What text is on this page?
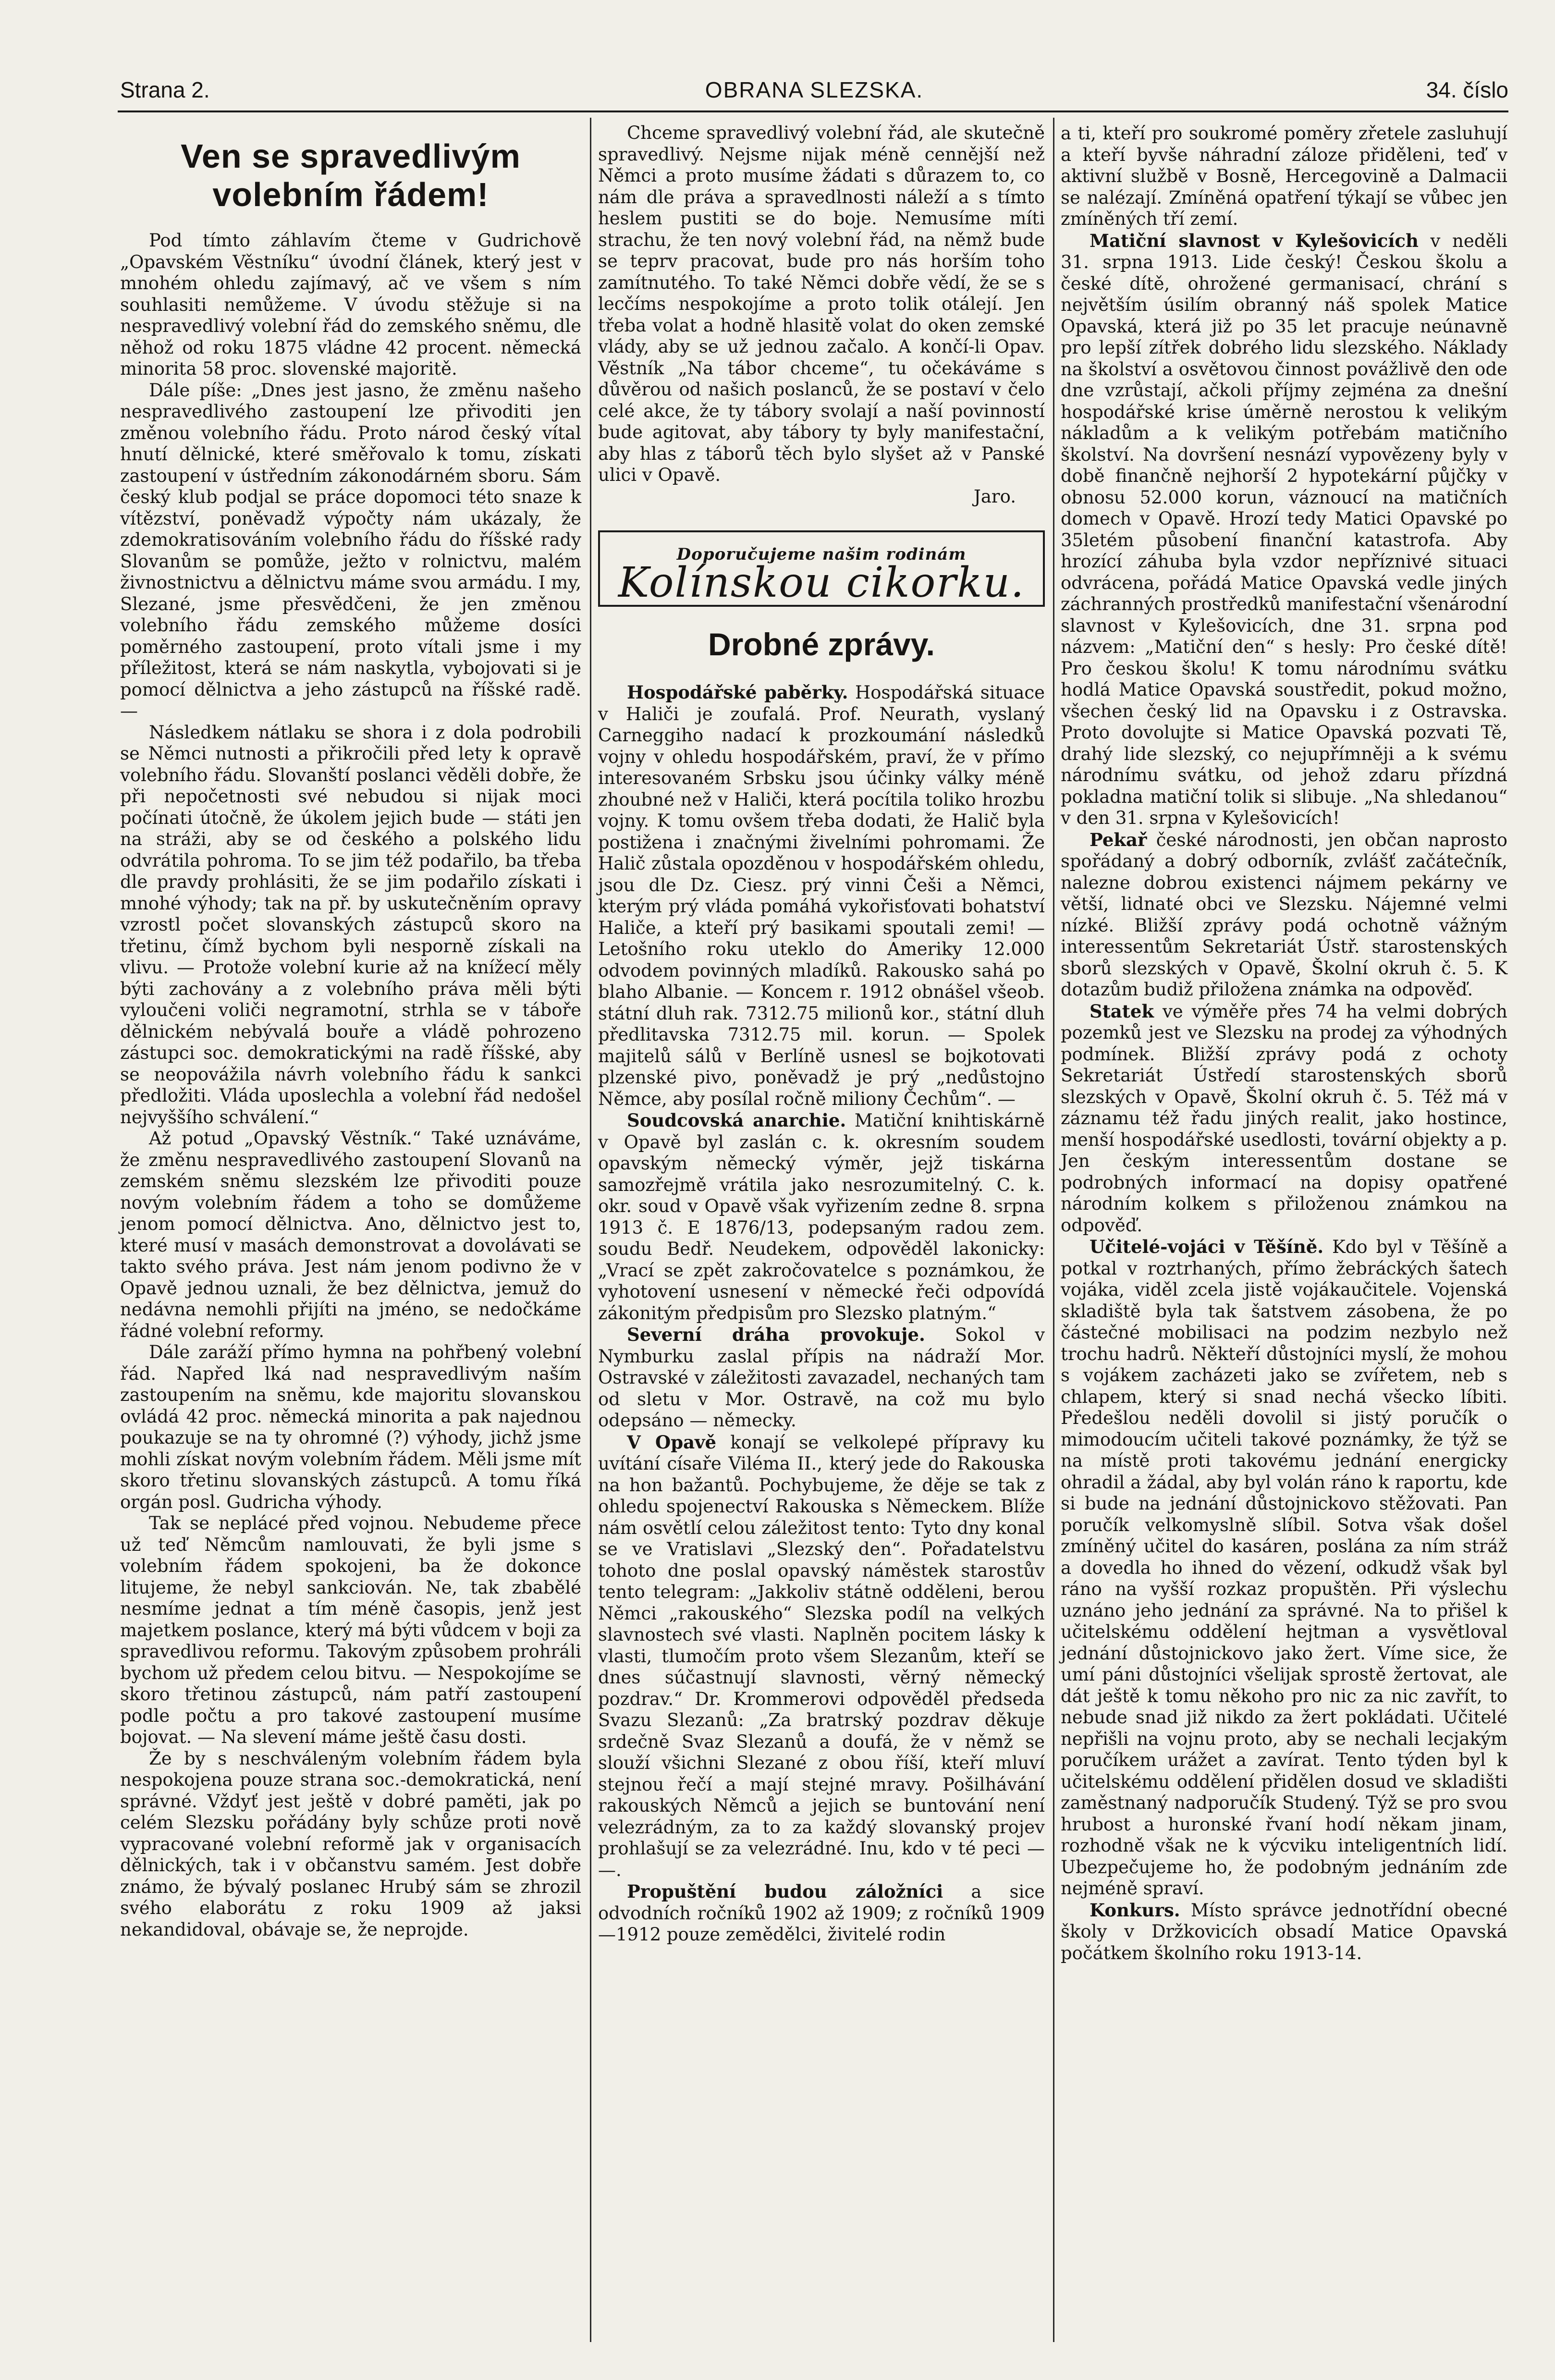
Strana 2.	OBRANA SLEZSKA.	34. číslo
Ven se spravedlivým volebním řádem!

Pod tímto záhlavím čteme v Gudrichově „Opavském Věstníku“ úvodní článek, který jest v mnohém ohledu zajímavý, ač ve všem s ním souhlasiti nemůžeme. V úvodu stěžuje si na nespravedlivý volební řád do zemského sněmu, dle něhož od roku 1875 vládne 42 procent. německá minorita 58 proc. slovenské majoritě.

Dále píše: „Dnes jest jasno, že změnu našeho nespravedlivého zastoupení lze přivoditi jen změnou volebního řádu. Proto národ český vítal hnutí dělnické, které směřovalo k tomu, získati zastoupení v ústředním zákonodárném sboru. Sám český klub podjal se práce dopomoci této snaze k vítězství, poněvadž výpočty nám ukázaly, že zdemokratisováním volebního řádu do říšské rady Slovanům se pomůže, ježto v rolnictvu, malém živnostnictvu a dělnictvu máme svou armádu. I my, Slezané, jsme přesvědčeni, že jen změnou volebního řádu zemského můžeme dosíci poměrného zastoupení, proto vítali jsme i my příležitost, která se nám naskytla, vybojovati si je pomocí dělnictva a jeho zástupců na říšské radě. —

Následkem nátlaku se shora i z dola podrobili se Němci nutnosti a přikročili před lety k opravě volebního řádu. Slovanští poslanci věděli dobře, že při nepočetnosti své nebudou si nijak moci počínati útočně, že úkolem jejich bude — státi jen na stráži, aby se od českého a polského lidu odvrátila pohroma. To se jim též podařilo, ba třeba dle pravdy prohlásiti, že se jim podařilo získati i mnohé výhody; tak na př. by uskutečněním opravy vzrostl počet slovanských zástupců skoro na třetinu, čímž bychom byli nesporně získali na vlivu. — Protože volební kurie až na knížecí měly býti zachovány a z volebního práva měli býti vyloučeni voliči negramotní, strhla se v táboře dělnickém nebývalá bouře a vládě pohrozeno zástupci soc. demokratickými na radě říšské, aby se neopovážila návrh volebního řádu k sankci předložiti. Vláda uposlechla a volební řád nedošel nejvyššího schválení.“

Až potud „Opavský Věstník.“ Také uznáváme, že změnu nespravedlivého zastoupení Slovanů na zemském sněmu slezském lze přivoditi pouze novým volebním řádem a toho se domůžeme jenom pomocí dělnictva. Ano, dělnictvo jest to, které musí v masách demonstrovat a dovolávati se takto svého práva. Jest nám jenom podivno že v Opavě jednou uznali, že bez dělnictva, jemuž do nedávna nemohli přijíti na jméno, se nedočkáme řádné volební reformy.

Dále zaráží přímo hymna na pohřbený volební řád. Napřed lká nad nespravedlivým naším zastoupením na sněmu, kde majoritu slovanskou ovládá 42 proc. německá minorita a pak najednou poukazuje se na ty ohromné (?) výhody, jichž jsme mohli získat novým volebním řádem. Měli jsme mít skoro třetinu slovanských zástupců. A tomu říká orgán posl. Gudricha výhody.

Tak se neplácé před vojnou. Nebudeme přece už teď Němcům namlouvati, že byli jsme s volebním řádem spokojeni, ba že dokonce litujeme, že nebyl sankciován. Ne, tak zbabělé nesmíme jednat a tím méně časopis, jenž jest majetkem poslance, který má býti vůdcem v boji za spravedlivou reformu. Takovým způsobem prohráli bychom už předem celou bitvu. — Nespokojíme se skoro třetinou zástupců, nám patří zastoupení podle počtu a pro takové zastoupení musíme bojovat. — Na slevení máme ještě času dosti.

Že by s neschváleným volebním řádem byla nespokojena pouze strana soc.-demokratická, není správné. Vždyť jest ještě v dobré paměti, jak po celém Slezsku pořádány byly schůze proti nově vypracované volební reformě jak v organisacích dělnických, tak i v občanstvu samém. Jest dobře známo, že bývalý poslanec Hrubý sám se zhrozil svého elaborátu z roku 1909 až jaksi nekandidoval, obávaje se, že neprojde.

Chceme spravedlivý volební řád, ale skutečně spravedlivý. Nejsme nijak méně cennější než Němci a proto musíme žádati s důrazem to, co nám dle práva a spravedlnosti náleží a s tímto heslem pustiti se do boje. Nemusíme míti strachu, že ten nový volební řád, na němž bude se teprv pracovat, bude pro nás horším toho zamítnutého. To také Němci dobře vědí, že se s lecčíms nespokojíme a proto tolik otálejí. Jen třeba volat a hodně hlasitě volat do oken zemské vlády, aby se už jednou začalo. A končí-li Opav. Věstník „Na tábor chceme“, tu očekáváme s důvěrou od našich poslanců, že se postaví v čelo celé akce, že ty tábory svolají a naší povinností bude agitovat, aby tábory ty byly manifestační, aby hlas z táborů těch bylo slyšet až v Panské ulici v Opavě.

Jaro.
Doporučujeme našim rodinám
Kolínskou cikorku.
Drobné zprávy.

Hospodářské paběrky. Hospodářská situace v Haliči je zoufalá. Prof. Neurath, vyslaný Carneggiho nadací k prozkoumání následků vojny v ohledu hospodářském, praví, že v přímo interesovaném Srbsku jsou účinky války méně zhoubné než v Haliči, která pocítila toliko hrozbu vojny. K tomu ovšem třeba dodati, že Halič byla postižena i značnými živelními pohromami. Že Halič zůstala opozděnou v hospodářském ohledu, jsou dle Dz. Ciesz. prý vinni Češi a Němci, kterým prý vláda pomáhá vykořisťovati bohatství Haliče, a kteří prý basikami spoutali zemi! — Letošního roku uteklo do Ameriky 12.000 odvodem povinných mladíků. Rakousko sahá po blaho Albanie. — Koncem r. 1912 obnášel všeob. státní dluh rak. 7312.75 milionů kor., státní dluh předlitavska 7312.75 mil. korun. — Spolek majitelů sálů v Berlíně usnesl se bojkotovati plzenské pivo, poněvadž je prý „nedůstojno Němce, aby posílal ročně miliony Čechům“. —

Soudcovská anarchie. Matiční knihtiskárně v Opavě byl zaslán c. k. okresním soudem opavským německý výměr, jejž tiskárna samozřejmě vrátila jako nesrozumitelný. C. k. okr. soud v Opavě však vyřizením zedne 8. srpna 1913 č. E 1876/13, podepsaným radou zem. soudu Bedř. Neudekem, odpověděl lakonicky: „Vrací se zpět zakročovatelce s poznámkou, že vyhotovení usnesení v německé řeči odpovídá zákonitým předpisům pro Slezsko platným.“

Severní dráha provokuje. Sokol v Nymburku zaslal přípis na nádraží Mor. Ostravské v záležitosti zavazadel, nechaných tam od sletu v Mor. Ostravě, na což mu bylo odepsáno — německy.

V Opavě konají se velkolepé přípravy ku uvítání císaře Viléma II., který jede do Rakouska na hon bažantů. Pochybujeme, že děje se tak z ohledu spojenectví Rakouska s Německem. Blíže nám osvětlí celou záležitost tento: Tyto dny konal se ve Vratislavi „Slezský den“. Pořadatelstvu tohoto dne poslal opavský náměstek starostův tento telegram: „Jakkoliv státně odděleni, berou Němci „rakouského“ Slezska podíl na velkých slavnostech své vlasti. Naplněn pocitem lásky k vlasti, tlumočím proto všem Slezanům, kteří se dnes súčastnují slavnosti, věrný německý pozdrav.“ Dr. Krommerovi odpověděl předseda Svazu Slezanů: „Za bratrský pozdrav děkuje srdečně Svaz Slezanů a doufá, že v němž se slouží všichni Slezané z obou říší, kteří mluví stejnou řečí a mají stejné mravy. Pošilhávání rakouských Němců a jejich se buntování není velezrádným, za to za každý slovanský projev prohlašují se za velezrádné. Inu, kdo v té peci — —.

Propuštění budou záložníci a sice odvodních ročníků 1902 až 1909; z ročníků 1909—1912 pouze zemědělci, živitelé rodin

a ti, kteří pro soukromé poměry zřetele zasluhují a kteří byvše náhradní záloze přiděleni, teď v aktivní službě v Bosně, Hercegovině a Dalmacii se nalézají. Zmíněná opatření týkají se vůbec jen zmíněných tří zemí.

Matiční slavnost v Kylešovicích v neděli 31. srpna 1913. Lide český! Českou školu a české dítě, ohrožené germanisací, chrání s největším úsilím obranný náš spolek Matice Opavská, která již po 35 let pracuje neúnavně pro lepší zítřek dobrého lidu slezského. Náklady na školství a osvětovou činnost povážlivě den ode dne vzrůstají, ačkoli příjmy zejména za dnešní hospodářské krise úměrně nerostou k velikým nákladům a k velikým potřebám matičního školství. Na dovršení nesnází vypovězeny byly v době finančně nejhorší 2 hypotekární půjčky v obnosu 52.000 korun, váznoucí na matičních domech v Opavě. Hrozí tedy Matici Opavské po 35letém působení finanční katastrofa. Aby hrozící záhuba byla vzdor nepříznivé situaci odvrácena, pořádá Matice Opavská vedle jiných záchranných prostředků manifestační všenárodní slavnost v Kylešovicích, dne 31. srpna pod názvem: „Matiční den“ s hesly: Pro české dítě! Pro českou školu! K tomu národnímu svátku hodlá Matice Opavská soustředit, pokud možno, všechen český lid na Opavsku i z Ostravska. Proto dovolujte si Matice Opavská pozvati Tě, drahý lide slezský, co nejupřímněji a k svému národnímu svátku, od jehož zdaru přízdná pokladna matiční tolik si slibuje. „Na shledanou“ v den 31. srpna v Kylešovicích!

Pekař české národnosti, jen občan naprosto spořádaný a dobrý odborník, zvlášť začátečník, nalezne dobrou existenci nájmem pekárny ve větší, lidnaté obci ve Slezsku. Nájemné velmi nízké. Bližší zprávy podá ochotně vážným interessentům Sekretariát Ústř. starostenských sborů slezských v Opavě, Školní okruh č. 5. K dotazům budiž přiložena známka na odpověď.

Statek ve výměře přes 74 ha velmi dobrých pozemků jest ve Slezsku na prodej za výhodných podmínek. Bližší zprávy podá z ochoty Sekretariát Ústředí starostenských sborů slezských v Opavě, Školní okruh č. 5. Též má v záznamu též řadu jiných realit, jako hostince, menší hospodářské usedlosti, tovární objekty a p. Jen českým interessentům dostane se podrobných informací na dopisy opatřené národním kolkem s přiloženou známkou na odpověď.

Učitelé-vojáci v Těšíně. Kdo byl v Těšíně a potkal v roztrhaných, přímo žebráckých šatech vojáka, viděl zcela jistě vojákaučitele. Vojenská skladiště byla tak šatstvem zásobena, že po částečné mobilisaci na podzim nezbylo než trochu hadrů. Někteří důstojníci myslí, že mohou s vojákem zacházeti jako se zvířetem, neb s chlapem, který si snad nechá všecko líbiti. Předešlou neděli dovolil si jistý poručík o mimodoucím učiteli takové poznámky, že týž se na místě proti takovému jednání energicky ohradil a žádal, aby byl volán ráno k raportu, kde si bude na jednání důstojnickovo stěžovati. Pan poručík velkomyslně slíbil. Sotva však došel zmíněný učitel do kasáren, poslána za ním stráž a dovedla ho ihned do vězení, odkudž však byl ráno na vyšší rozkaz propuštěn. Při výslechu uznáno jeho jednání za správné. Na to přišel k učitelskému oddělení hejtman a vysvětloval jednání důstojnickovo jako žert. Víme sice, že umí páni důstojníci všelijak sprostě žertovat, ale dát ještě k tomu někoho pro nic za nic zavřít, to nebude snad již nikdo za žert pokládati. Učitelé nepřišli na vojnu proto, aby se nechali lecjakým poručíkem urážet a zavírat. Tento týden byl k učitelskému oddělení přidělen dosud ve skladišti zaměstnaný nadporučík Studený. Týž se pro svou hrubost a huronské řvaní hodí někam jinam, rozhodně však ne k výcviku inteligentních lidí. Ubezpečujeme ho, že podobným jednáním zde nejméně spraví.

Konkurs. Místo správce jednotřídní obecné školy v Držkovicích obsadí Matice Opavská počátkem školního roku 1913-14.
